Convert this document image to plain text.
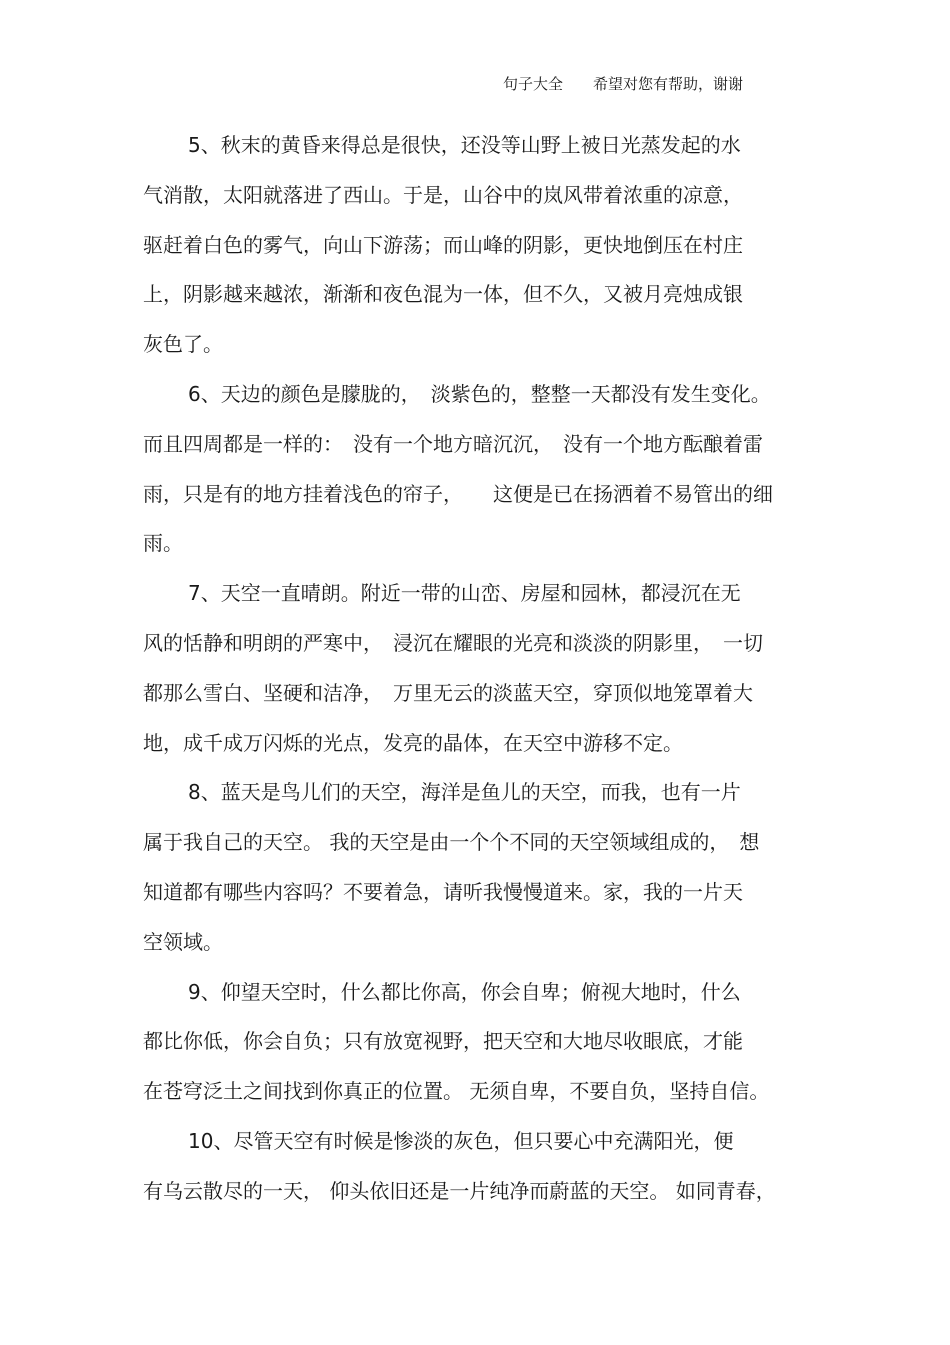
句子大全　　希望对您有帮助，谢谢
5、秋末的黄昏来得总是很快，还没等山野上被日光蒸发起的水
气消散，太阳就落进了西山。于是，山谷中的岚风带着浓重的凉意，
驱赶着白色的雾气，向山下游荡；而山峰的阴影，更快地倒压在村庄
上，阴影越来越浓，渐渐和夜色混为一体，但不久，又被月亮烛成银
灰色了。
6、天边的颜色是朦胧的，　淡紫色的，整整一天都没有发生变化。
而且四周都是一样的：　没有一个地方暗沉沉，　没有一个地方酝酿着雷
雨，只是有的地方挂着浅色的帘子，　　这便是已在扬洒着不易管出的细
雨。
7、天空一直晴朗。附近一带的山峦、房屋和园林，都浸沉在无
风的恬静和明朗的严寒中，　浸沉在耀眼的光亮和淡淡的阴影里，　一切
都那么雪白、坚硬和洁净，　万里无云的淡蓝天空，穿顶似地笼罩着大
地，成千成万闪烁的光点，发亮的晶体，在天空中游移不定。
8、蓝天是鸟儿们的天空，海洋是鱼儿的天空，而我，也有一片
属于我自己的天空。 我的天空是由一个个不同的天空领域组成的，　想
知道都有哪些内容吗？不要着急，请听我慢慢道来。家，我的一片天
空领域。
9、仰望天空时，什么都比你高，你会自卑；俯视大地时，什么
都比你低，你会自负；只有放宽视野，把天空和大地尽收眼底，才能
在苍穹泛土之间找到你真正的位置。 无须自卑，不要自负，坚持自信。
10、尽管天空有时候是惨淡的灰色，但只要心中充满阳光，便
有乌云散尽的一天， 仰头依旧还是一片纯净而蔚蓝的天空。 如同青春，
